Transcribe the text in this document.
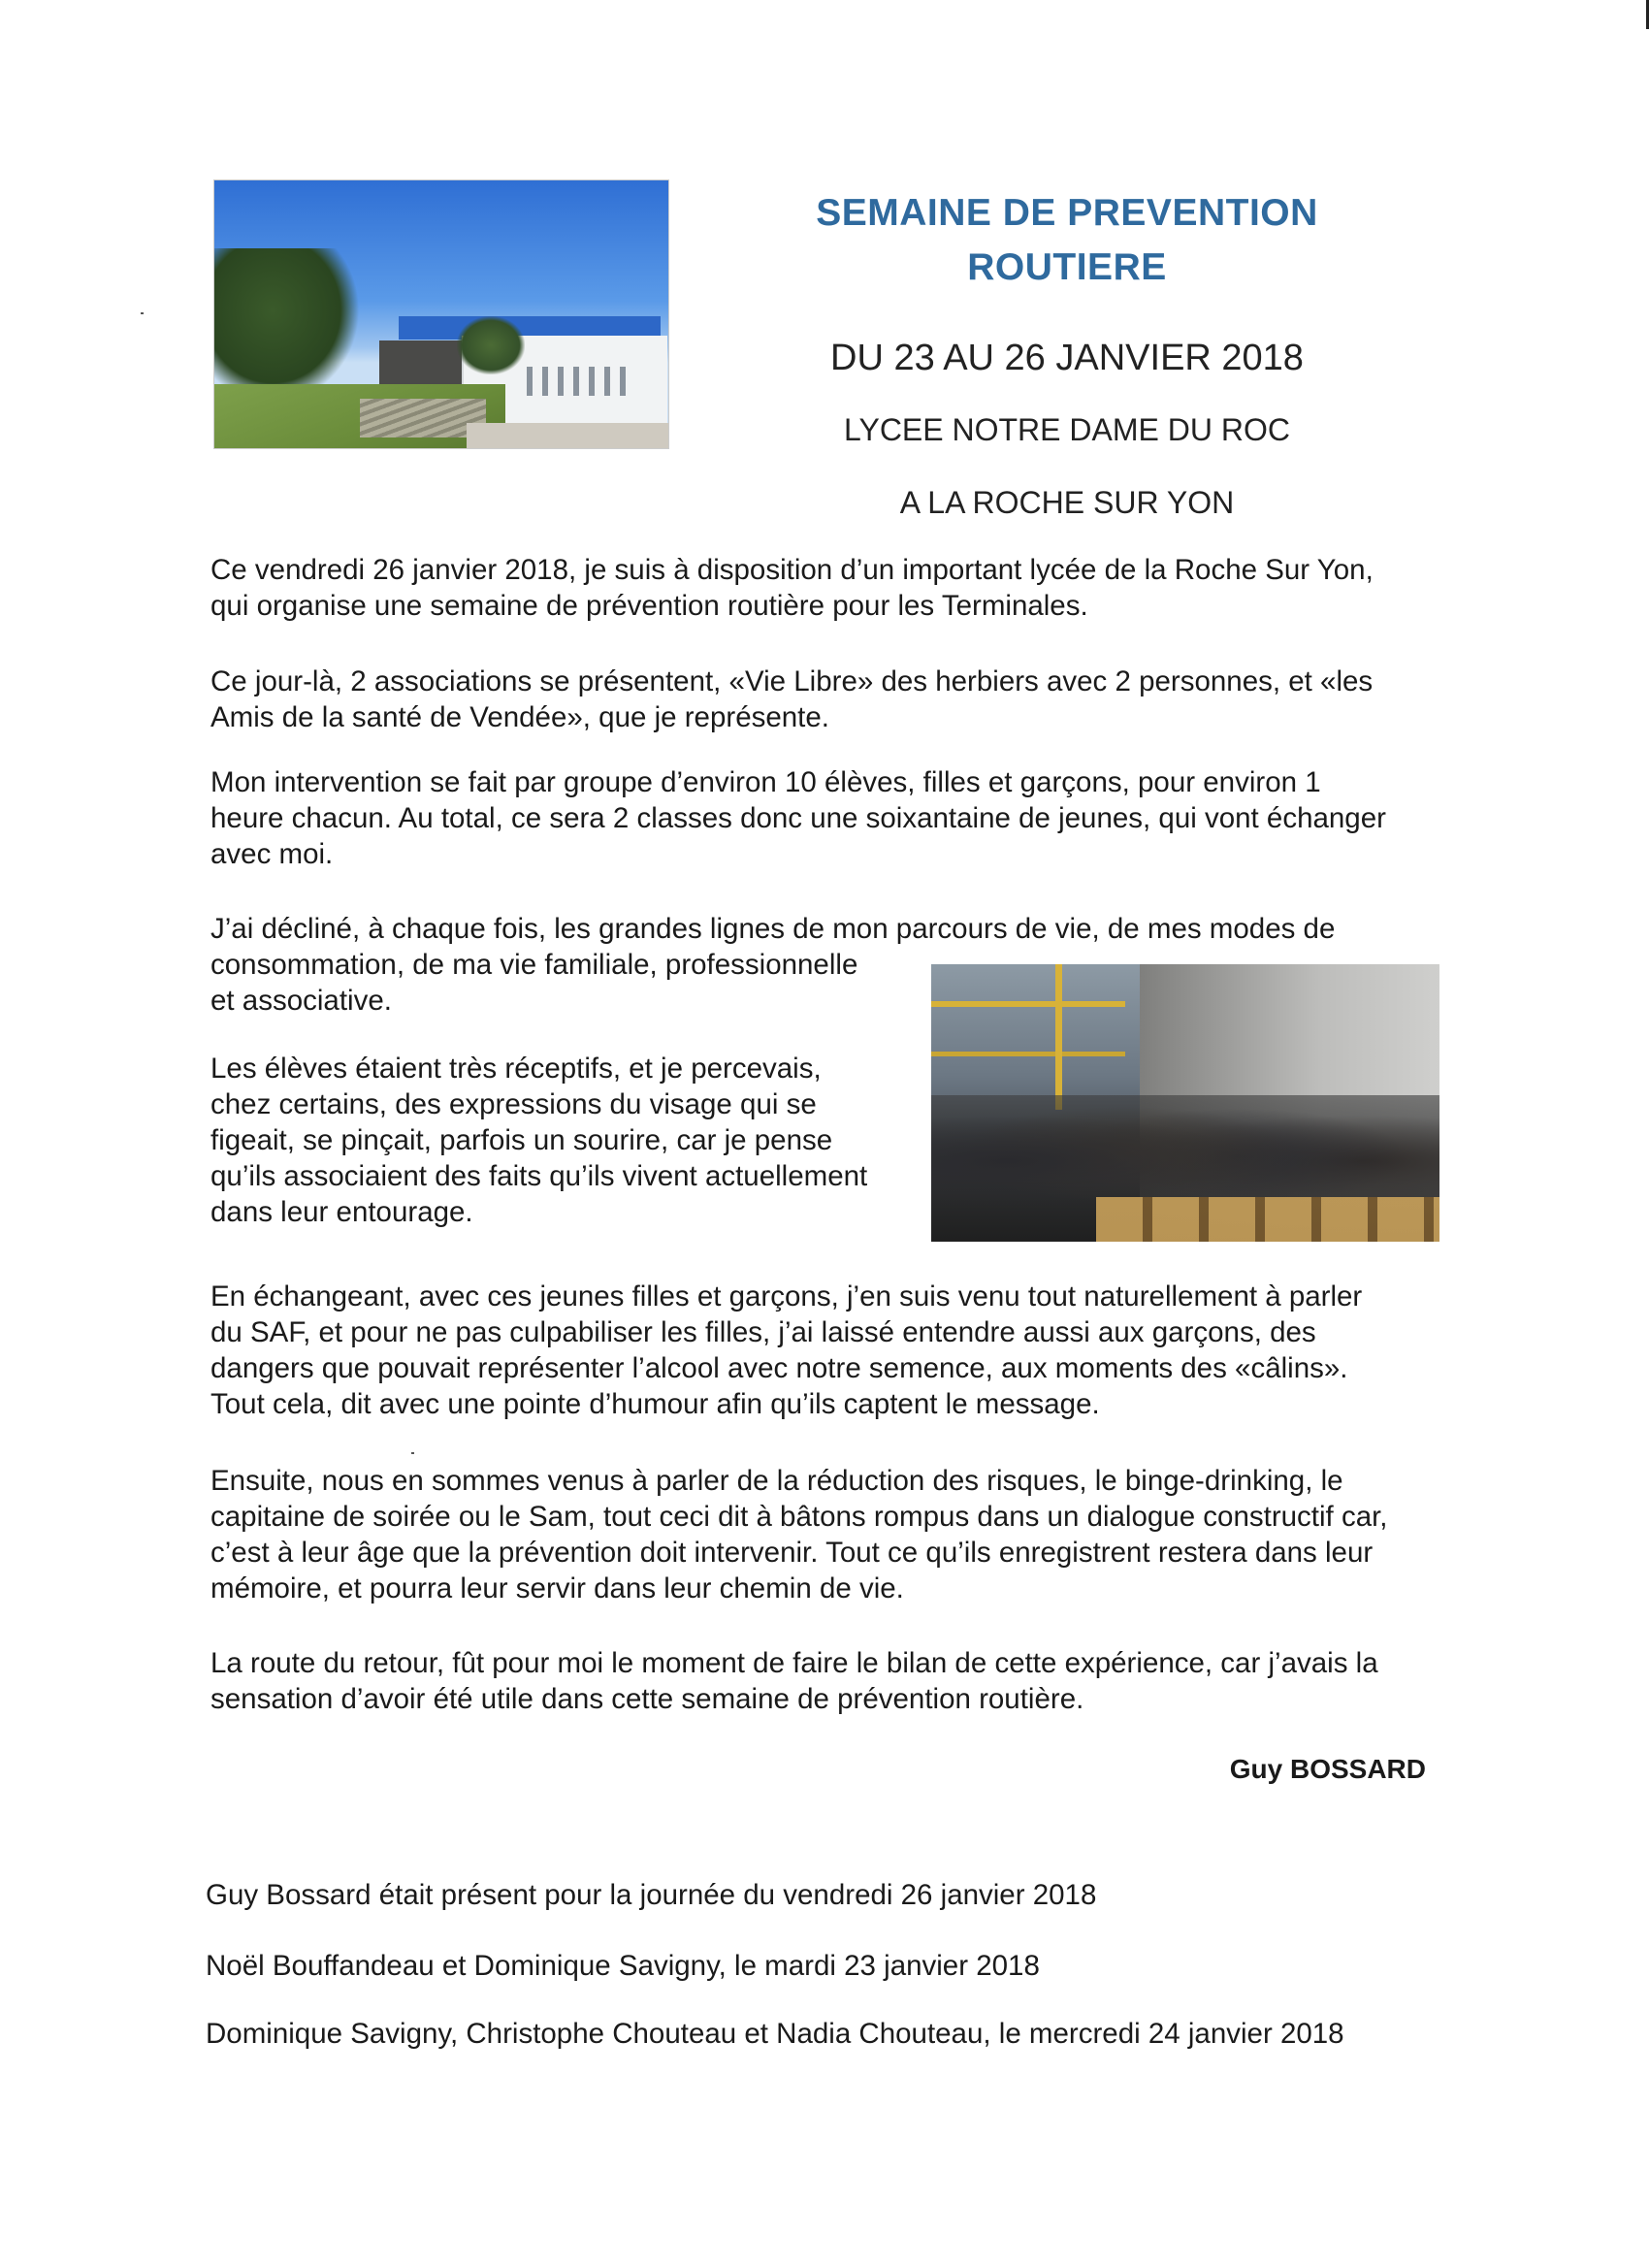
SEMAINE DE PREVENTION
ROUTIERE
DU 23 AU 26 JANVIER 2018
LYCEE NOTRE DAME DU ROC
A LA ROCHE SUR YON

Ce vendredi 26 janvier 2018, je suis à disposition d’un important lycée de la Roche Sur Yon,
qui organise une semaine de prévention routière pour les Terminales.

Ce jour-là, 2 associations se présentent, «Vie Libre» des herbiers avec 2 personnes, et «les
Amis de la santé de Vendée», que je représente.

Mon intervention se fait par groupe d’environ 10 élèves, filles et garçons, pour environ 1
heure chacun. Au total, ce sera 2 classes donc une soixantaine de jeunes, qui vont échanger
avec moi.

J’ai décliné, à chaque fois, les grandes lignes de mon parcours de vie, de mes modes de
consommation, de ma vie familiale, professionnelle
et associative.

Les élèves étaient très réceptifs, et je percevais,
chez certains, des expressions du visage qui se
figeait, se pinçait, parfois un sourire, car je pense
qu’ils associaient des faits qu’ils vivent actuellement
dans leur entourage.

En échangeant, avec ces jeunes filles et garçons, j’en suis venu tout naturellement à parler
du SAF, et pour ne pas culpabiliser les filles, j’ai laissé entendre aussi aux garçons, des
dangers que pouvait représenter l’alcool avec notre semence, aux moments des «câlins».
Tout cela, dit avec une pointe d’humour afin qu’ils captent le message.

Ensuite, nous en sommes venus à parler de la réduction des risques, le binge-drinking, le
capitaine de soirée ou le Sam, tout ceci dit à bâtons rompus dans un dialogue constructif car,
c’est à leur âge que la prévention doit intervenir. Tout ce qu’ils enregistrent restera dans leur
mémoire, et pourra leur servir dans leur chemin de vie.

La route du retour, fût pour moi le moment de faire le bilan de cette expérience, car j’avais la
sensation d’avoir été utile dans cette semaine de prévention routière.

Guy BOSSARD
Guy Bossard était présent pour la journée du vendredi 26 janvier 2018
Noël Bouffandeau et Dominique Savigny, le mardi 23 janvier 2018
Dominique Savigny, Christophe Chouteau et Nadia Chouteau, le mercredi 24 janvier 2018
